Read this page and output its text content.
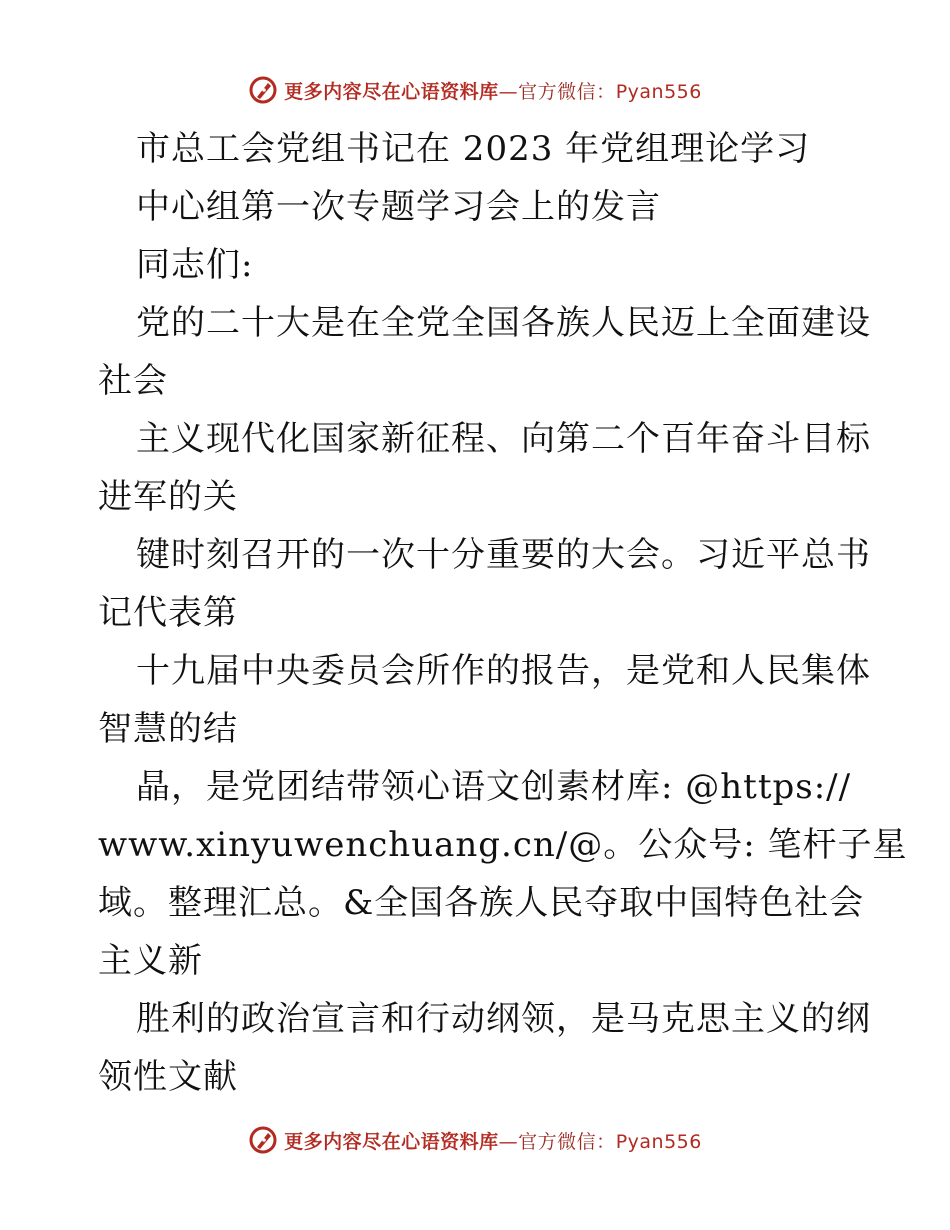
更多内容尽在心语资料库—官方微信：Pyan556
市总工会党组书记在 2023 年党组理论学习
中心组第一次专题学习会上的发言
同志们:
党的二十大是在全党全国各族人民迈上全面建设
社会
主义现代化国家新征程、向第二个百年奋斗目标
进军的关
键时刻召开的一次十分重要的大会。习近平总书
记代表第
十九届中央委员会所作的报告，是党和人民集体
智慧的结
晶，是党团结带领心语文创素材库: @https://
www.xinyuwenchuang.cn/@。公众号: 笔杆子星
域。整理汇总。&全国各族人民夺取中国特色社会
主义新
胜利的政治宣言和行动纲领，是马克思主义的纲
领性文献
更多内容尽在心语资料库—官方微信：Pyan556
